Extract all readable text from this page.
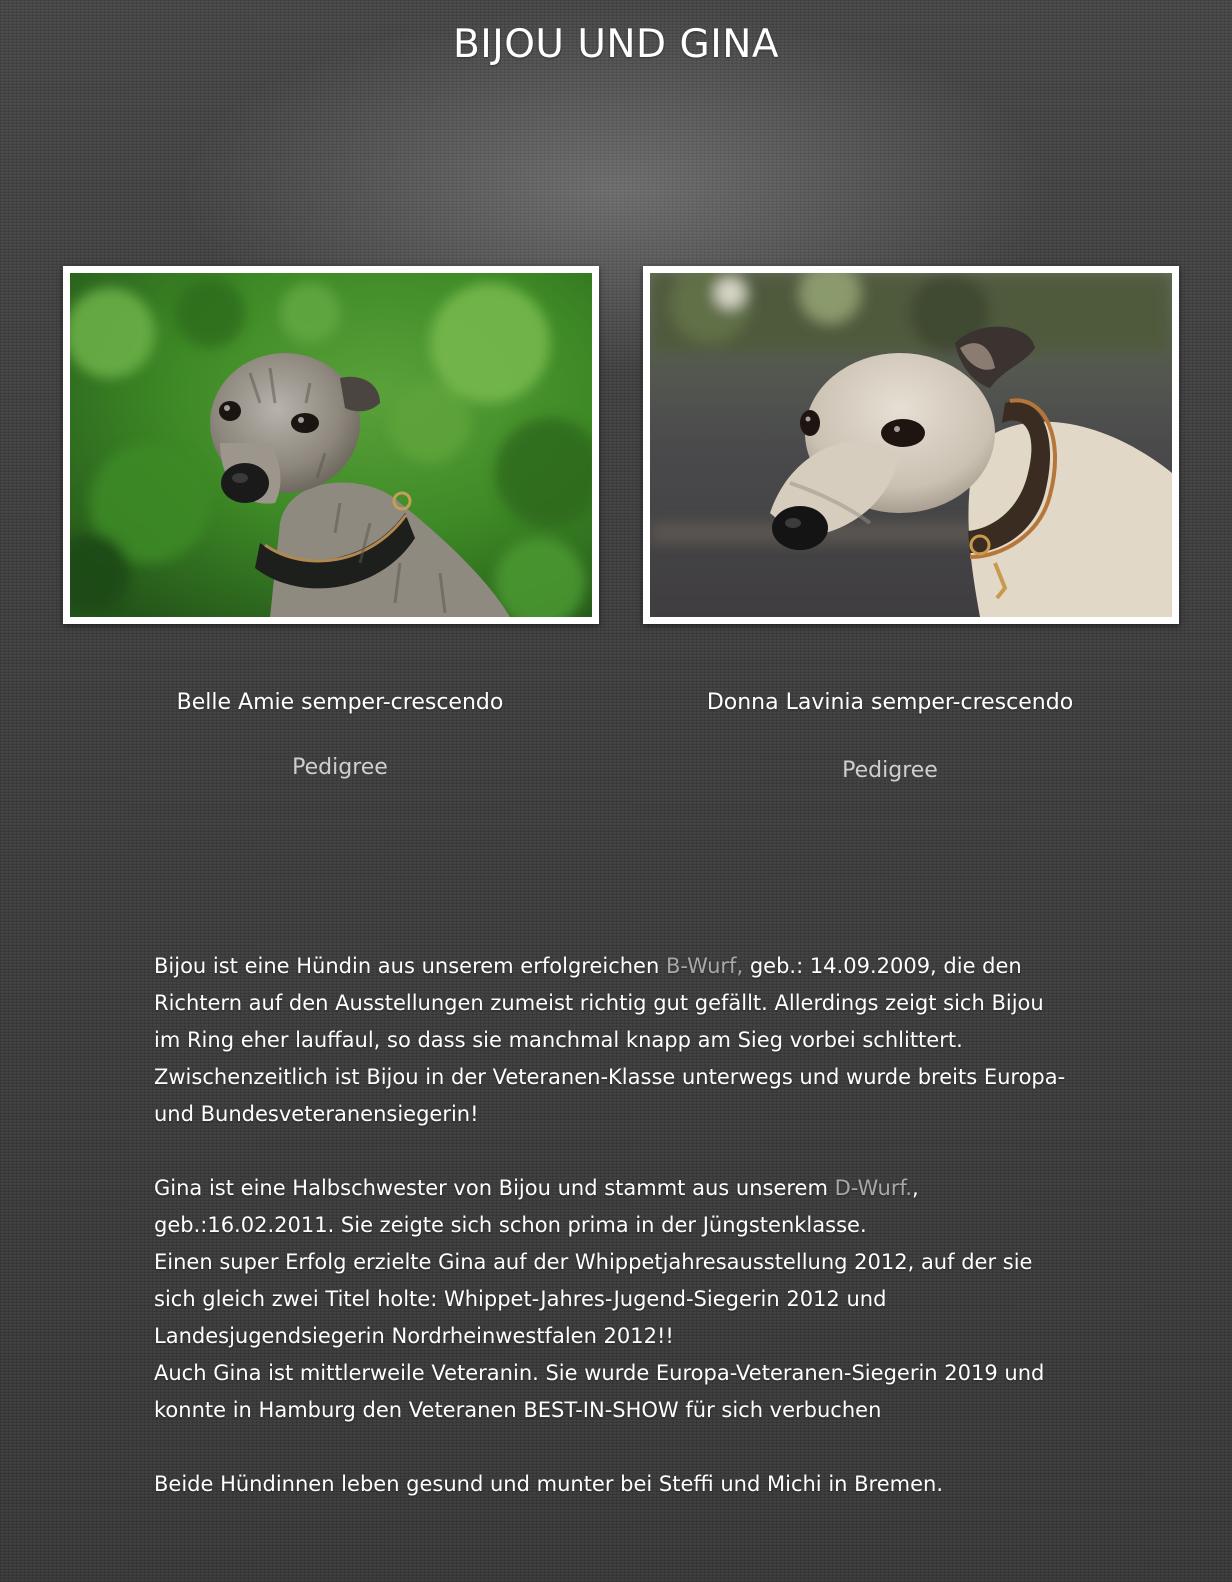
BIJOU UND GINA
Belle Amie semper-crescendo	Donna Lavinia semper-crescendo
Pedigree	Pedigree

Bijou ist eine Hündin aus unserem erfolgreichen B-Wurf, geb.: 14.09.2009, die den Richtern auf den Ausstellungen zumeist richtig gut gefällt. Allerdings zeigt sich Bijou im Ring eher lauffaul, so dass sie manchmal knapp am Sieg vorbei schlittert. Zwischenzeitlich ist Bijou in der Veteranen-Klasse unterwegs und wurde breits Europa- und Bundesveteranensiegerin!

Gina ist eine Halbschwester von Bijou und stammt aus unserem D-Wurf., geb.:16.02.2011. Sie zeigte sich schon prima in der Jüngstenklasse.
Einen super Erfolg erzielte Gina auf der Whippetjahresausstellung 2012, auf der sie sich gleich zwei Titel holte: Whippet-Jahres-Jugend-Siegerin 2012 und Landesjugendsiegerin Nordrheinwestfalen 2012!!
Auch Gina ist mittlerweile Veteranin. Sie wurde Europa-Veteranen-Siegerin 2019 und konnte in Hamburg den Veteranen BEST-IN-SHOW für sich verbuchen

Beide Hündinnen leben gesund und munter bei Steffi und Michi in Bremen.
